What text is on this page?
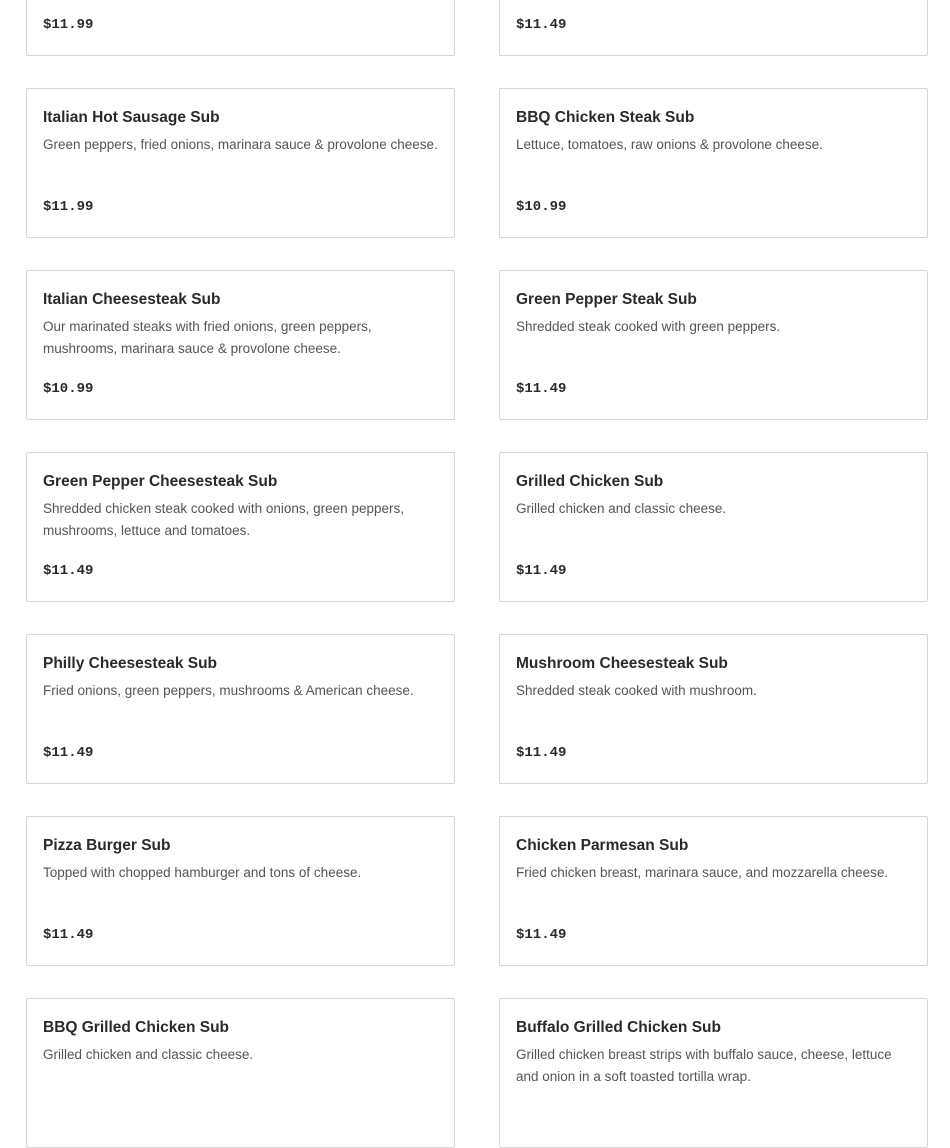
$11.99	$11.49
Italian Hot Sausage Sub
Green peppers, fried onions, marinara sauce & provolone cheese.
$11.99
BBQ Chicken Steak Sub
Lettuce, tomatoes, raw onions & provolone cheese.
$10.99
Italian Cheesesteak Sub
Our marinated steaks with fried onions, green peppers, mushrooms, marinara sauce & provolone cheese.
$10.99
Green Pepper Steak Sub
Shredded steak cooked with green peppers.
$11.49
Green Pepper Cheesesteak Sub
Shredded chicken steak cooked with onions, green peppers, mushrooms, lettuce and tomatoes.
$11.49
Grilled Chicken Sub
Grilled chicken and classic cheese.
$11.49
Philly Cheesesteak Sub
Fried onions, green peppers, mushrooms & American cheese.
$11.49
Mushroom Cheesesteak Sub
Shredded steak cooked with mushroom.
$11.49
Pizza Burger Sub
Topped with chopped hamburger and tons of cheese.
$11.49
Chicken Parmesan Sub
Fried chicken breast, marinara sauce, and mozzarella cheese.
$11.49
BBQ Grilled Chicken Sub
Grilled chicken and classic cheese.
Buffalo Grilled Chicken Sub
Grilled chicken breast strips with buffalo sauce, cheese, lettuce and onion in a soft toasted tortilla wrap.
